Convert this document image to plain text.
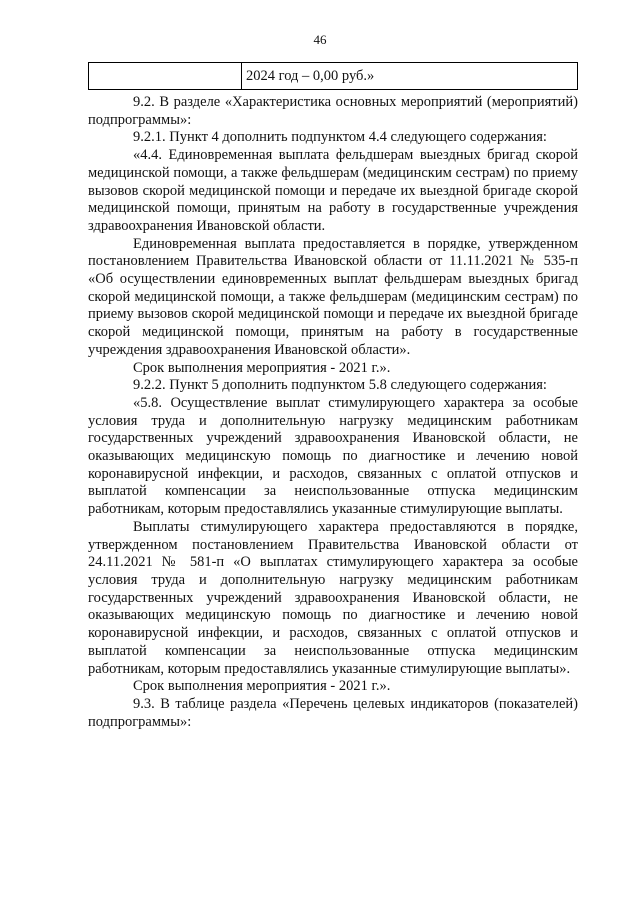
46
2024 год – 0,00 руб.»

9.2. В разделе «Характеристика основных мероприятий (мероприятий) подпрограммы»:

9.2.1. Пункт 4 дополнить подпунктом 4.4 следующего содержания:

«4.4. Единовременная выплата фельдшерам выездных бригад скорой медицинской помощи, а также фельдшерам (медицинским сестрам) по приему вызовов скорой медицинской помощи и передаче их выездной бригаде скорой медицинской помощи, принятым на работу в государственные учреждения здравоохранения Ивановской области.

Единовременная выплата предоставляется в порядке, утвержденном постановлением Правительства Ивановской области от 11.11.2021 № 535-п «Об осуществлении единовременных выплат фельдшерам выездных бригад скорой медицинской помощи, а также фельдшерам (медицинским сестрам) по приему вызовов скорой медицинской помощи и передаче их выездной бригаде скорой медицинской помощи, принятым на работу в государственные учреждения здравоохранения Ивановской области».

Срок выполнения мероприятия - 2021 г.».

9.2.2. Пункт 5 дополнить подпунктом 5.8 следующего содержания:

«5.8. Осуществление выплат стимулирующего характера за особые условия труда и дополнительную нагрузку медицинским работникам государственных учреждений здравоохранения Ивановской области, не оказывающих медицинскую помощь по диагностике и лечению новой коронавирусной инфекции, и расходов, связанных с оплатой отпусков и выплатой компенсации за неиспользованные отпуска медицинским работникам, которым предоставлялись указанные стимулирующие выплаты.

Выплаты стимулирующего характера предоставляются в порядке, утвержденном постановлением Правительства Ивановской области от 24.11.2021 № 581-п «О выплатах стимулирующего характера за особые условия труда и дополнительную нагрузку медицинским работникам государственных учреждений здравоохранения Ивановской области, не оказывающих медицинскую помощь по диагностике и лечению новой коронавирусной инфекции, и расходов, связанных с оплатой отпусков и выплатой компенсации за неиспользованные отпуска медицинским работникам, которым предоставлялись указанные стимулирующие выплаты».

Срок выполнения мероприятия - 2021 г.».

9.3. В таблице раздела «Перечень целевых индикаторов (показателей) подпрограммы»:
